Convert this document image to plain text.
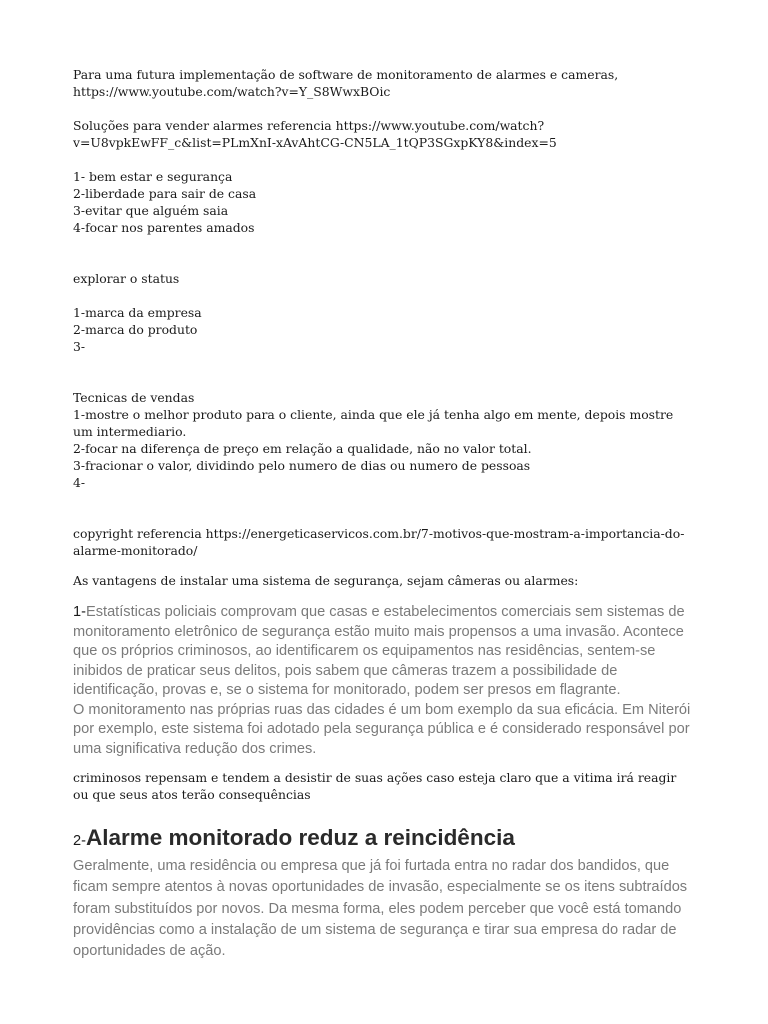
Para uma futura implementação de software de monitoramento de alarmes e cameras,

https://www.youtube.com/watch?v=Y_S8WwxBOic

Soluções para vender alarmes referencia https://www.youtube.com/watch?

v=U8vpkEwFF_c&list=PLmXnI-xAvAhtCG-CN5LA_1tQP3SGxpKY8&index=5

1- bem estar e segurança

2-liberdade para sair de casa

3-evitar que alguém saia

4-focar nos parentes amados

explorar o status

1-marca da empresa

2-marca do produto

3-

Tecnicas de vendas

1-mostre o melhor produto para o cliente, ainda que ele já tenha algo em mente, depois mostre um intermediario.

2-focar na diferença de preço em relação a qualidade, não no valor total.

3-fracionar o valor, dividindo pelo numero de dias ou numero de pessoas

4-

copyright referencia https://energeticaservicos.com.br/7-motivos-que-mostram-a-importancia-do-

alarme-monitorado/

As vantagens de instalar uma sistema de segurança, sejam câmeras ou alarmes:

1-Estatísticas policiais comprovam que casas e estabelecimentos comerciais sem sistemas de monitoramento eletrônico de segurança estão muito mais propensos a uma invasão. Acontece que os próprios criminosos, ao identificarem os equipamentos nas residências, sentem-se inibidos de praticar seus delitos, pois sabem que câmeras trazem a possibilidade de identificação, provas e, se o sistema for monitorado, podem ser presos em flagrante.

O monitoramento nas próprias ruas das cidades é um bom exemplo da sua eficácia. Em Niterói por exemplo, este sistema foi adotado pela segurança pública e é considerado responsável por uma significativa redução dos crimes.

criminosos repensam e tendem a desistir de suas ações caso esteja claro que a vitima irá reagir ou que seus atos terão consequências

2-Alarme monitorado reduz a reincidência

Geralmente, uma residência ou empresa que já foi furtada entra no radar dos bandidos, que ficam sempre atentos à novas oportunidades de invasão, especialmente se os itens subtraídos foram substituídos por novos. Da mesma forma, eles podem perceber que você está tomando providências como a instalação de um sistema de segurança e tirar sua empresa do radar de oportunidades de ação.
